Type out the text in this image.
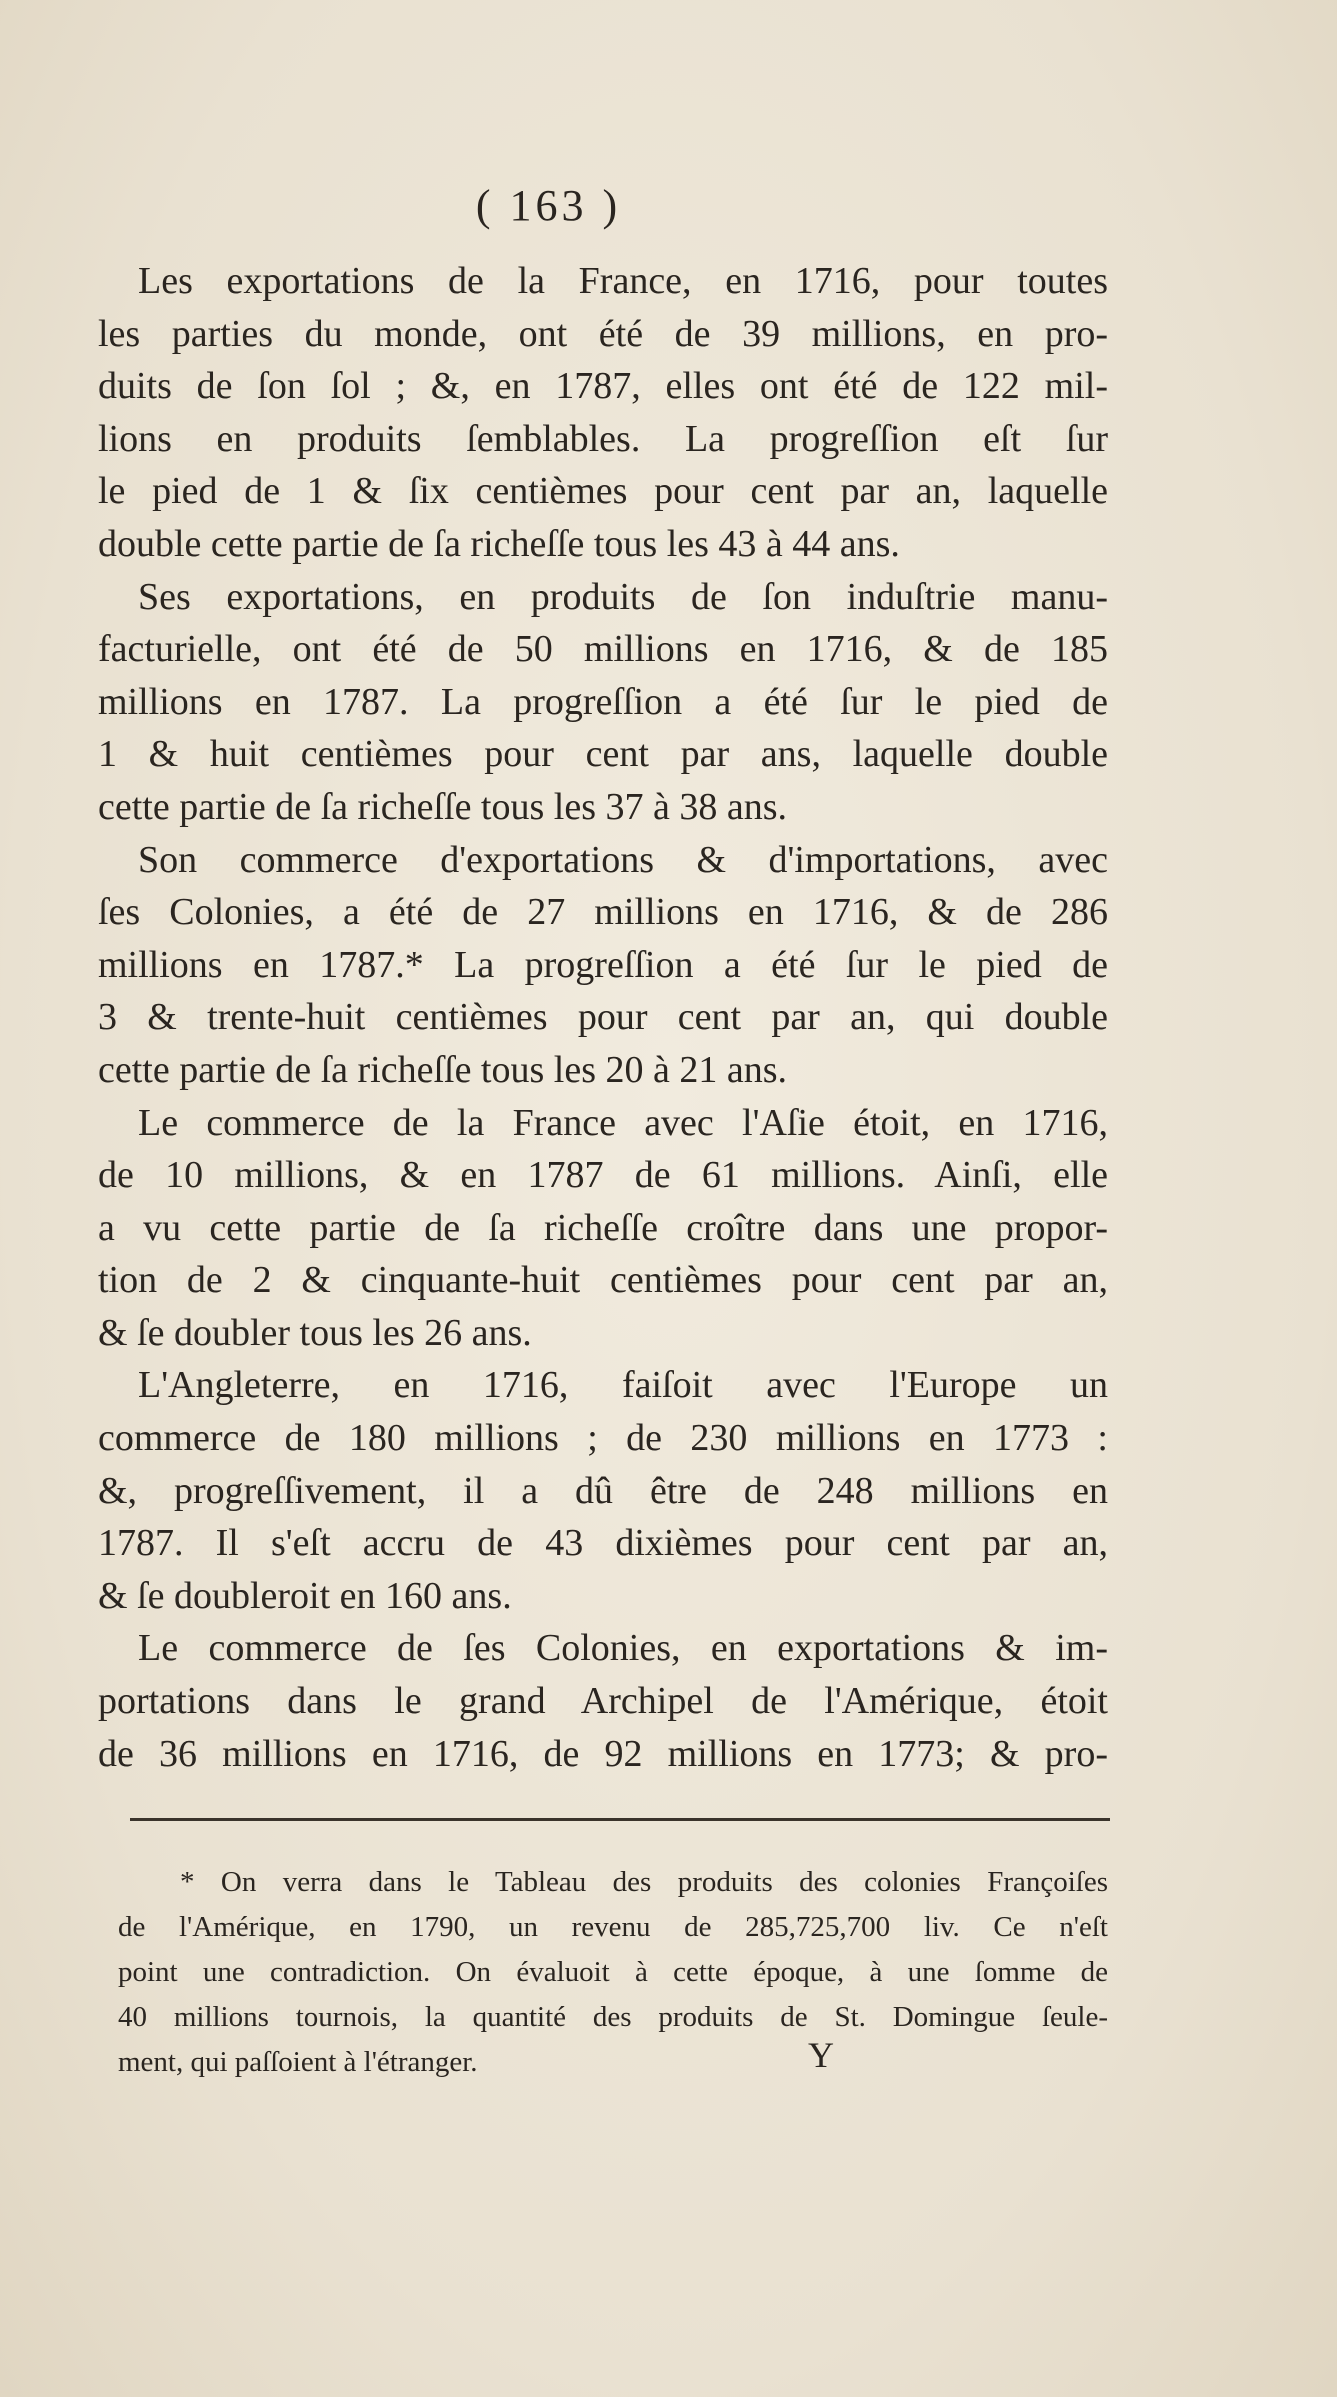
( 163 )
Les exportations de la France, en 1716, pour toutes
les parties du monde, ont été de 39 millions, en pro-
duits de ſon ſol ; &, en 1787, elles ont été de 122 mil-
lions en produits ſemblables. La progreſſion eſt ſur
le pied de 1 & ſix centièmes pour cent par an, laquelle
double cette partie de ſa richeſſe tous les 43 à 44 ans.
Ses exportations, en produits de ſon induſtrie manu-
facturielle, ont été de 50 millions en 1716, & de 185
millions en 1787. La progreſſion a été ſur le pied de
1 & huit centièmes pour cent par ans, laquelle double
cette partie de ſa richeſſe tous les 37 à 38 ans.
Son commerce d'exportations & d'importations, avec
ſes Colonies, a été de 27 millions en 1716, & de 286
millions en 1787.* La progreſſion a été ſur le pied de
3 & trente-huit centièmes pour cent par an, qui double
cette partie de ſa richeſſe tous les 20 à 21 ans.
Le commerce de la France avec l'Aſie étoit, en 1716,
de 10 millions, & en 1787 de 61 millions. Ainſi, elle
a vu cette partie de ſa richeſſe croître dans une propor-
tion de 2 & cinquante-huit centièmes pour cent par an,
& ſe doubler tous les 26 ans.
L'Angleterre, en 1716, faiſoit avec l'Europe un
commerce de 180 millions ; de 230 millions en 1773 :
&, progreſſivement, il a dû être de 248 millions en
1787. Il s'eſt accru de 43 dixièmes pour cent par an,
& ſe doubleroit en 160 ans.
Le commerce de ſes Colonies, en exportations & im-
portations dans le grand Archipel de l'Amérique, étoit
de 36 millions en 1716, de 92 millions en 1773; & pro-
* On verra dans le Tableau des produits des colonies Françoiſes
de l'Amérique, en 1790, un revenu de 285,725,700 liv. Ce n'eſt
point une contradiction. On évaluoit à cette époque, à une ſomme de
40 millions tournois, la quantité des produits de St. Domingue ſeule-
ment, qui paſſoient à l'étranger.	Y
